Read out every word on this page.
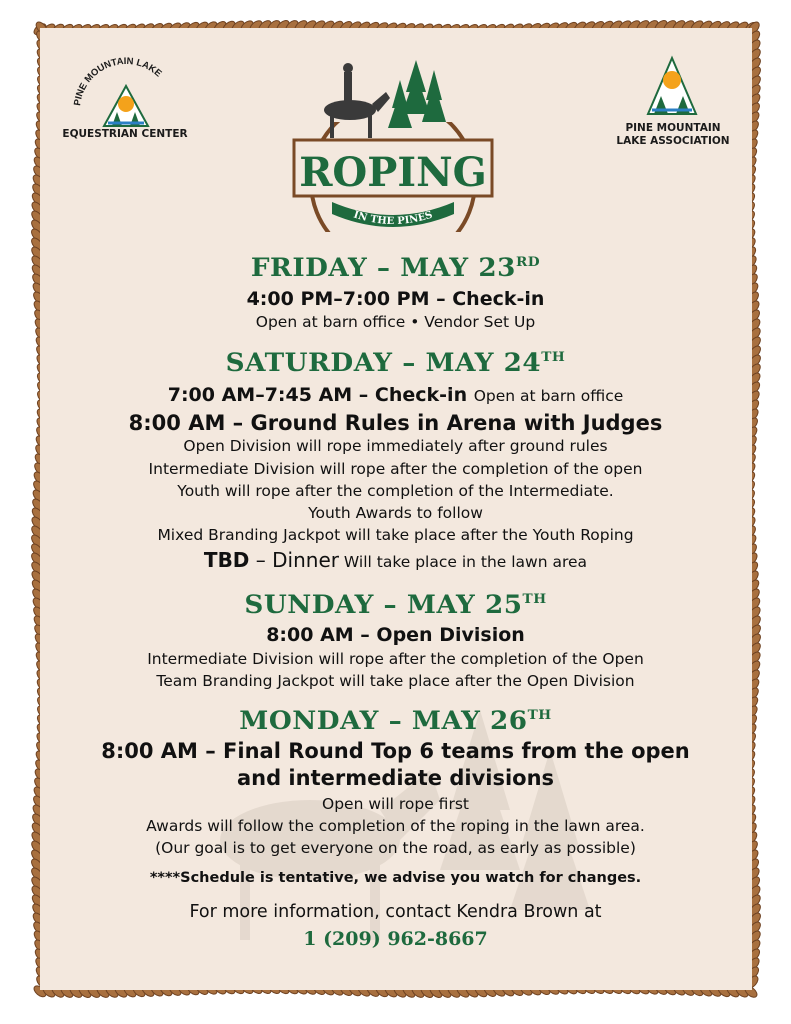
PINE MOUNTAIN LAKE
EQUESTRIAN CENTER	PINE MOUNTAIN
LAKE ASSOCIATION
ROPING
IN THE PINES
FRIDAY – MAY 23RD
4:00 PM–7:00 PM – Check-in
Open at barn office • Vendor Set Up
SATURDAY – MAY 24TH
7:00 AM–7:45 AM – Check-in Open at barn office
8:00 AM – Ground Rules in Arena with Judges
Open Division will rope immediately after ground rules
Intermediate Division will rope after the completion of the open
Youth will rope after the completion of the Intermediate.
Youth Awards to follow
Mixed Branding Jackpot will take place after the Youth Roping
TBD – Dinner Will take place in the lawn area
SUNDAY – MAY 25TH
8:00 AM – Open Division
Intermediate Division will rope after the completion of the Open
Team Branding Jackpot will take place after the Open Division
MONDAY – MAY 26TH
8:00 AM – Final Round Top 6 teams from the open
and intermediate divisions
Open will rope first
Awards will follow the completion of the roping in the lawn area.
(Our goal is to get everyone on the road, as early as possible)
****Schedule is tentative, we advise you watch for changes.
For more information, contact Kendra Brown at
1 (209) 962-8667
